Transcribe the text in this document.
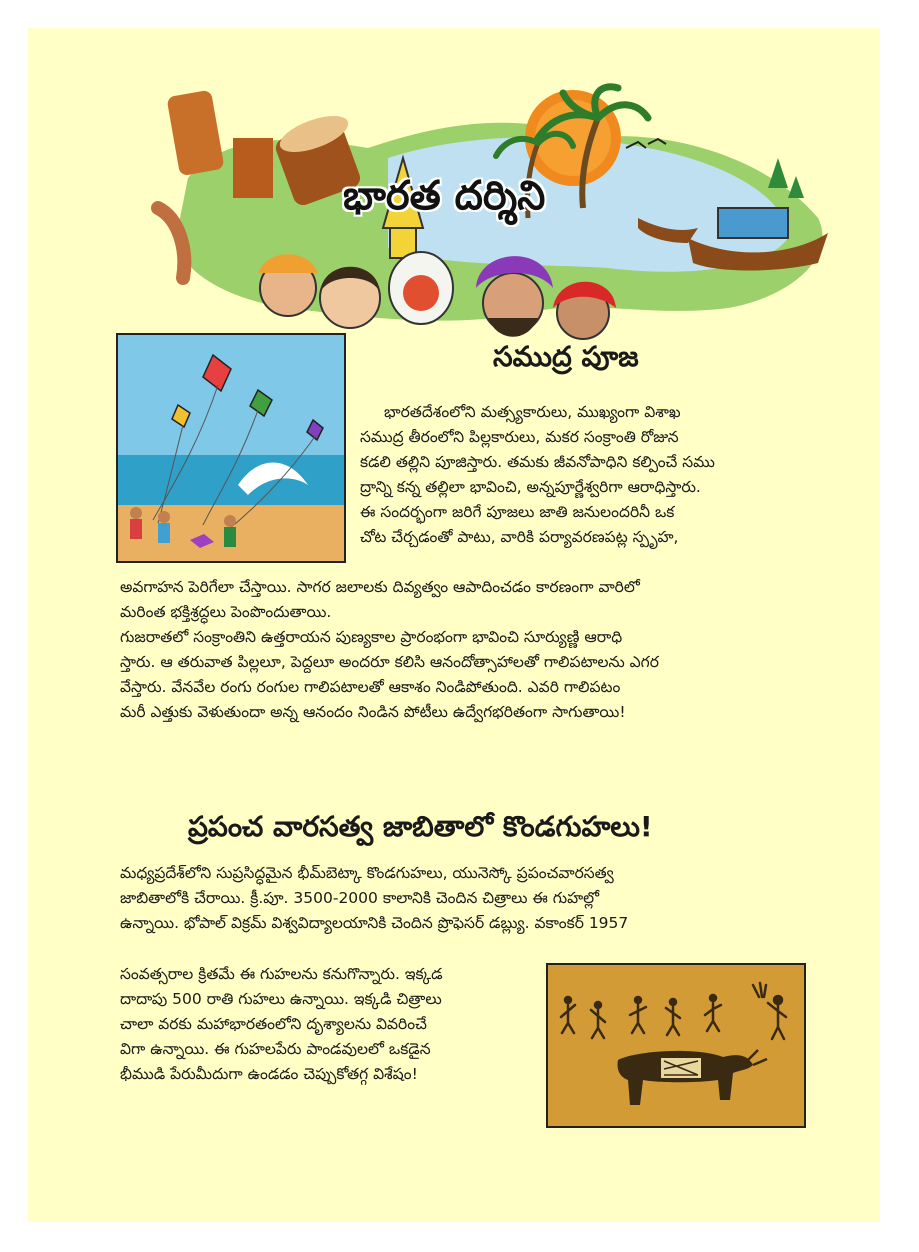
భారత దర్శిని
సముద్ర పూజ
భారతదేశంలోని మత్స్యకారులు, ముఖ్యంగా విశాఖ
సముద్ర తీరంలోని పిల్లకారులు, మకర సంక్రాంతి రోజున
కడలి తల్లిని పూజిస్తారు. తమకు జీవనోపాధిని కల్పించే సము
ద్రాన్ని కన్న తల్లిలా భావించి, అన్నపూర్ణేశ్వరిగా ఆరాధిస్తారు.
ఈ సందర్భంగా జరిగే పూజలు జాతి జనులందరినీ ఒక
చోట చేర్చడంతో పాటు, వారికి పర్యావరణపట్ల స్పృహ,
అవగాహన పెరిగేలా చేస్తాయి. సాగర జలాలకు దివ్యత్వం ఆపాదించడం కారణంగా వారిలో
మరింత భక్తిశ్రద్ధలు పెంపొందుతాయి.
గుజరాతలో సంక్రాంతిని ఉత్తరాయన పుణ్యకాల ప్రారంభంగా భావించి సూర్యుణ్ణి ఆరాధి
స్తారు. ఆ తరువాత పిల్లలూ, పెద్దలూ అందరూ కలిసి ఆనందోత్సాహాలతో గాలిపటాలను ఎగర
వేస్తారు. వేనవేల రంగు రంగుల గాలిపటాలతో ఆకాశం నిండిపోతుంది. ఎవరి గాలిపటం
మరీ ఎత్తుకు వెళుతుందా అన్న ఆనందం నిండిన పోటీలు ఉద్వేగభరితంగా సాగుతాయి!
ప్రపంచ వారసత్వ జాబితాలో కొండగుహలు!
మధ్యప్రదేశ్‌లోని సుప్రసిద్ధమైన భీమ్‌బెట్కా కొండగుహలు, యునెస్కో ప్రపంచవారసత్వ
జాబితాలోకి చేరాయి. క్రీ.పూ. 3500-2000 కాలానికి చెందిన చిత్రాలు ఈ గుహల్లో
ఉన్నాయి. భోపాల్ విక్రమ్ విశ్వవిద్యాలయానికి చెందిన ప్రొఫెసర్ డబ్ల్యు. వకాంకర్ 1957
సంవత్సరాల క్రితమే ఈ గుహలను కనుగొన్నారు. ఇక్కడ
దాదాపు 500 రాతి గుహలు ఉన్నాయి. ఇక్కడి చిత్రాలు
చాలా వరకు మహాభారతంలోని దృశ్యాలను వివరించే
విగా ఉన్నాయి. ఈ గుహలపేరు పాండవులలో ఒకడైన
భీముడి పేరుమీదుగా ఉండడం చెప్పుకోతగ్గ విశేషం!
